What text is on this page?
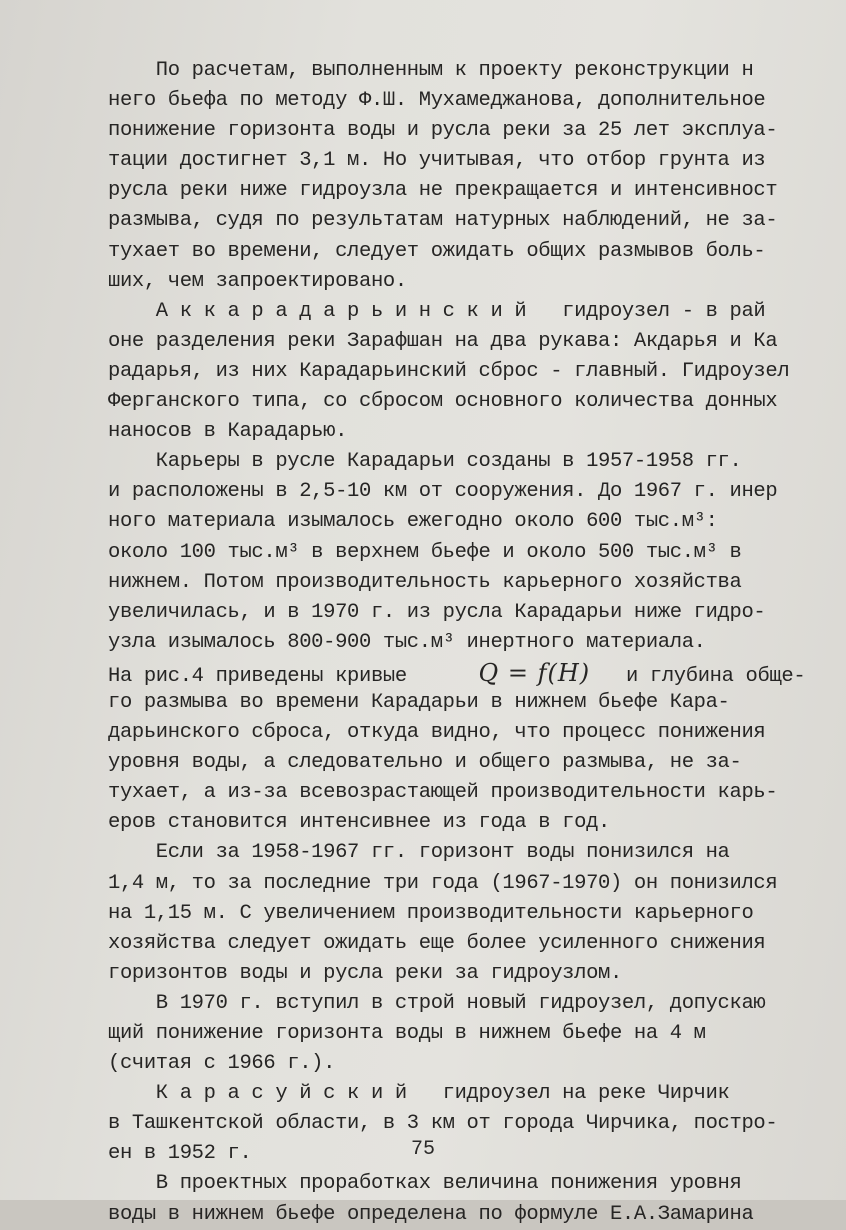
По расчетам, выполненным к проекту реконструкции н
него бьефа по методу Ф.Ш. Мухамеджанова, дополнительное
понижение горизонта воды и русла реки за 25 лет эксплуа-
тации достигнет 3,1 м. Но учитывая, что отбор грунта из
русла реки ниже гидроузла не прекращается и интенсивност
размыва, судя по результатам натурных наблюдений, не за-
тухает во времени, следует ожидать общих размывов боль-
ших, чем запроектировано.
А к к а р а д а р ь и н с к и й   гидроузел - в рай
оне разделения реки Зарафшан на два рукава: Акдарья и Ка
радарья, из них Карадарьинский сброс - главный. Гидроузел
Ферганского типа, со сбросом основного количества донных
наносов в Карадарью.
Карьеры в русле Карадарьи созданы в 1957-1958 гг.
и расположены в 2,5-10 км от сооружения. До 1967 г. инер
ного материала изымалось ежегодно около 600 тыс.м³:
около 100 тыс.м³ в верхнем бьефе и около 500 тыс.м³ в
нижнем. Потом производительность карьерного хозяйства
увеличилась, и в 1970 г. из русла Карадарьи ниже гидро-
узла изымалось 800-900 тыс.м³ инертного материала.
На рис.4 приведены кривые	Q = f(H) и глубина обще-
го размыва во времени Карадарьи в нижнем бьефе Кара-
дарьинского сброса, откуда видно, что процесс понижения
уровня воды, а следовательно и общего размыва, не за-
тухает, а из-за всевозрастающей производительности карь-
еров становится интенсивнее из года в год.
Если за 1958-1967 гг. горизонт воды понизился на
1,4 м, то за последние три года (1967-1970) он понизился
на 1,15 м. С увеличением производительности карьерного
хозяйства следует ожидать еще более усиленного снижения
горизонтов воды и русла реки за гидроузлом.
В 1970 г. вступил в строй новый гидроузел, допускаю
щий понижение горизонта воды в нижнем бьефе на 4 м
(считая с 1966 г.).
К а р а с у й с к и й   гидроузел на реке Чирчик
в Ташкентской области, в 3 км от города Чирчика, постро-
ен в 1952 г.
В проектных проработках величина понижения уровня
воды в нижнем бьефе определена по формуле Е.А.Замарина
75
